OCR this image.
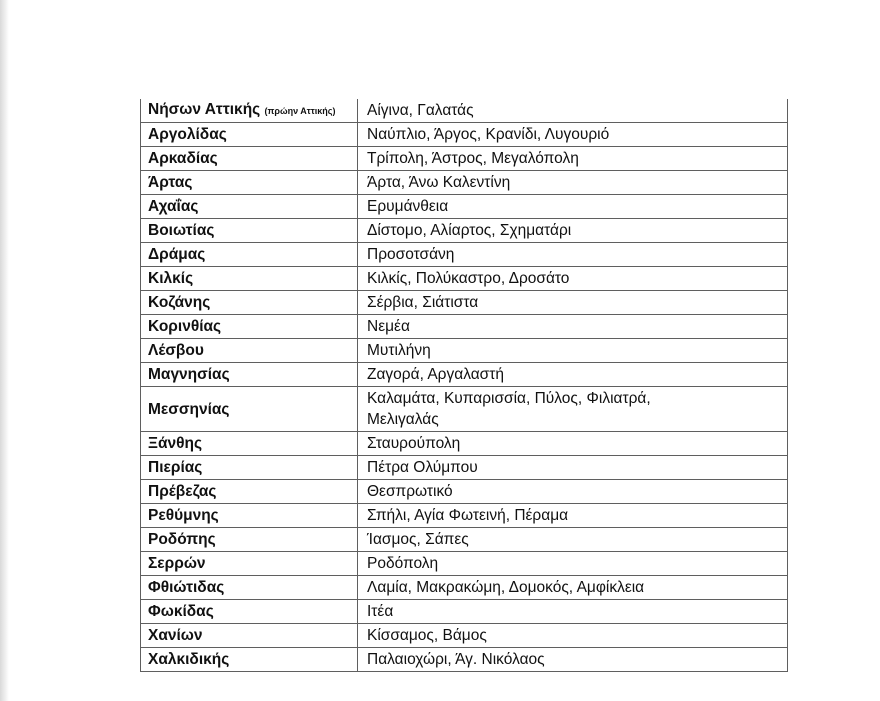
Νήσων Αττικής (πρώην Αττικής)	Αίγινα, Γαλατάς
Αργολίδας	Ναύπλιο, Άργος, Κρανίδι, Λυγουριό
Αρκαδίας	Τρίπολη, Άστρος, Μεγαλόπολη
Άρτας	Άρτα, Άνω Καλεντίνη
Αχαΐας	Ερυμάνθεια
Βοιωτίας	Δίστομο, Αλίαρτος, Σχηματάρι
Δράμας	Προσοτσάνη
Κιλκίς	Κιλκίς, Πολύκαστρο, Δροσάτο
Κοζάνης	Σέρβια, Σιάτιστα
Κορινθίας	Νεμέα
Λέσβου	Μυτιλήνη
Μαγνησίας	Ζαγορά, Αργαλαστή
Μεσσηνίας	Καλαμάτα, Κυπαρισσία, Πύλος, Φιλιατρά,
Μελιγαλάς
Ξάνθης	Σταυρούπολη
Πιερίας	Πέτρα Ολύμπου
Πρέβεζας	Θεσπρωτικό
Ρεθύμνης	Σπήλι, Αγία Φωτεινή, Πέραμα
Ροδόπης	Ίασμος, Σάπες
Σερρών	Ροδόπολη
Φθιώτιδας	Λαμία, Μακρακώμη, Δομοκός, Αμφίκλεια
Φωκίδας	Ιτέα
Χανίων	Κίσσαμος, Βάμος
Χαλκιδικής	Παλαιοχώρι, Άγ. Νικόλαος
